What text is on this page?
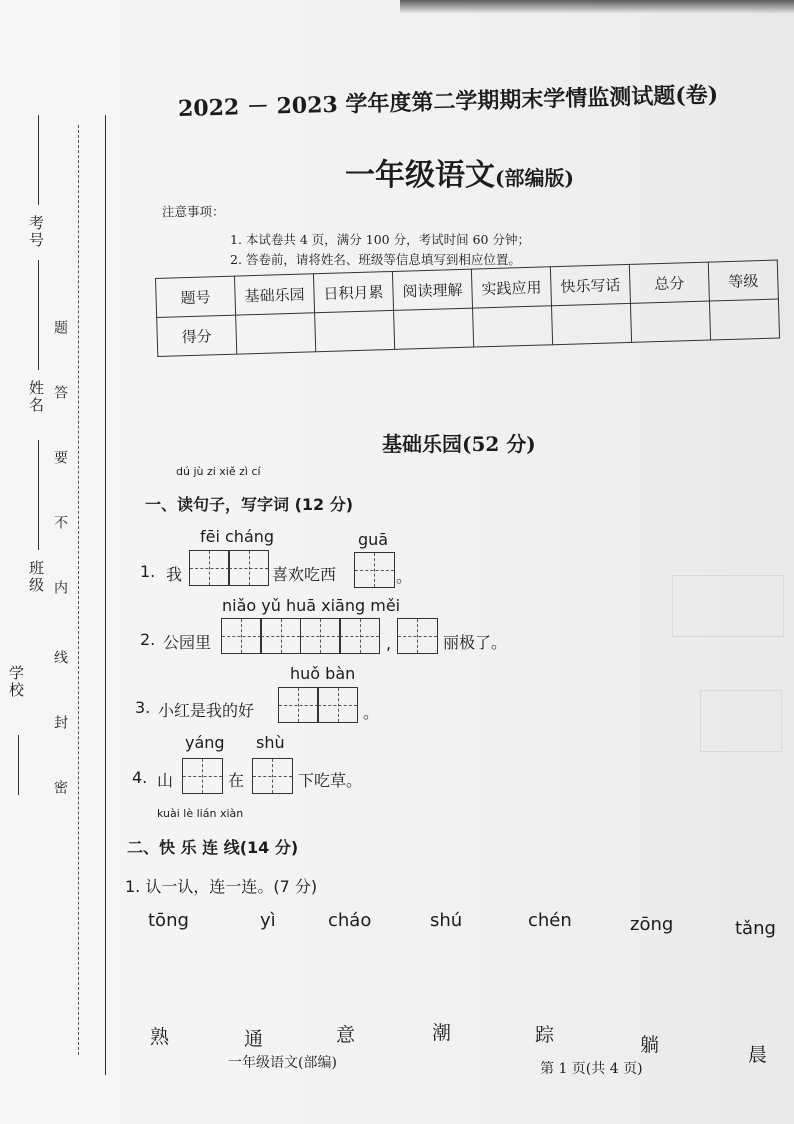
考号
姓名
班级
学校
密
封
线
内
不
要
答
题
2022 － 2023 学年度第二学期期末学情监测试题(卷)
一年级语文(部编版)
注意事项：
1. 本试卷共 4 页，满分 100 分，考试时间 60 分钟；
2. 答卷前，请将姓名、班级等信息填写到相应位置。
题号	基础乐园	日积月累	阅读理解	实践应用	快乐写话	总分	等级
得分							
基础乐园(52 分)
dú jù zi xiě zì cí
一、读句子，写字词 (12 分)
fēi cháng	guā
1. 我	喜欢吃西	。
niǎo yǔ huā xiāng měi
2. 公园里	,	丽极了。
huǒ bàn
3. 小红是我的好	。
yáng shù
4. 山	在	下吃草。
kuài lè lián xiàn
二、快 乐 连 线(14 分)
1. 认一认，连一连。(7 分)
tōng	yì	cháo	shú	chén	zōng	tǎng
熟	通	意	潮	踪	躺	晨
一年级语文(部编)	第 1 页(共 4 页)
